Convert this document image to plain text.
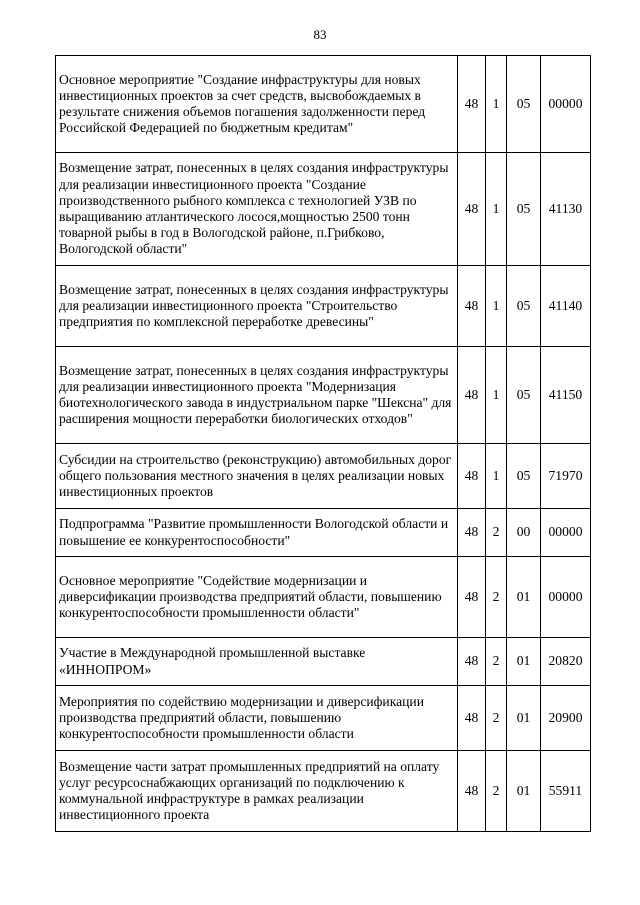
83
Основное мероприятие "Создание инфраструктуры для новых инвестиционных проектов за счет средств, высвобождаемых в результате снижения объемов погашения задолженности перед Российской Федерацией по бюджетным кредитам"	48	1	05	00000
Возмещение затрат, понесенных в целях создания инфраструктуры для реализации инвестиционного проекта "Создание производственного рыбного комплекса с технологией УЗВ по выращиванию атлантического лосося,мощностью 2500 тонн товарной рыбы в год в Вологодской районе, п.Грибково, Вологодской области"	48	1	05	41130
Возмещение затрат, понесенных в целях создания инфраструктуры для реализации инвестиционного проекта "Строительство предприятия по комплексной переработке древесины"	48	1	05	41140
Возмещение затрат, понесенных в целях создания инфраструктуры для реализации инвестиционного проекта "Модернизация биотехнологического завода в индустриальном парке "Шексна" для расширения мощности переработки биологических отходов"	48	1	05	41150
Субсидии на строительство (реконструкцию) автомобильных дорог общего пользования местного значения в целях реализации новых инвестиционных проектов	48	1	05	71970
Подпрограмма "Развитие промышленности Вологодской области и повышение ее конкурентоспособности"	48	2	00	00000
Основное мероприятие "Содействие модернизации и диверсификации производства предприятий области, повышению конкурентоспособности промышленности области"	48	2	01	00000
Участие в Международной промышленной выставке «ИННОПРОМ»	48	2	01	20820
Мероприятия по содействию модернизации и диверсификации производства предприятий области, повышению конкурентоспособности промышленности области	48	2	01	20900
Возмещение части затрат промышленных предприятий на оплату услуг ресурсоснабжающих организаций по подключению к коммунальной инфраструктуре в рамках реализации инвестиционного проекта	48	2	01	55911
